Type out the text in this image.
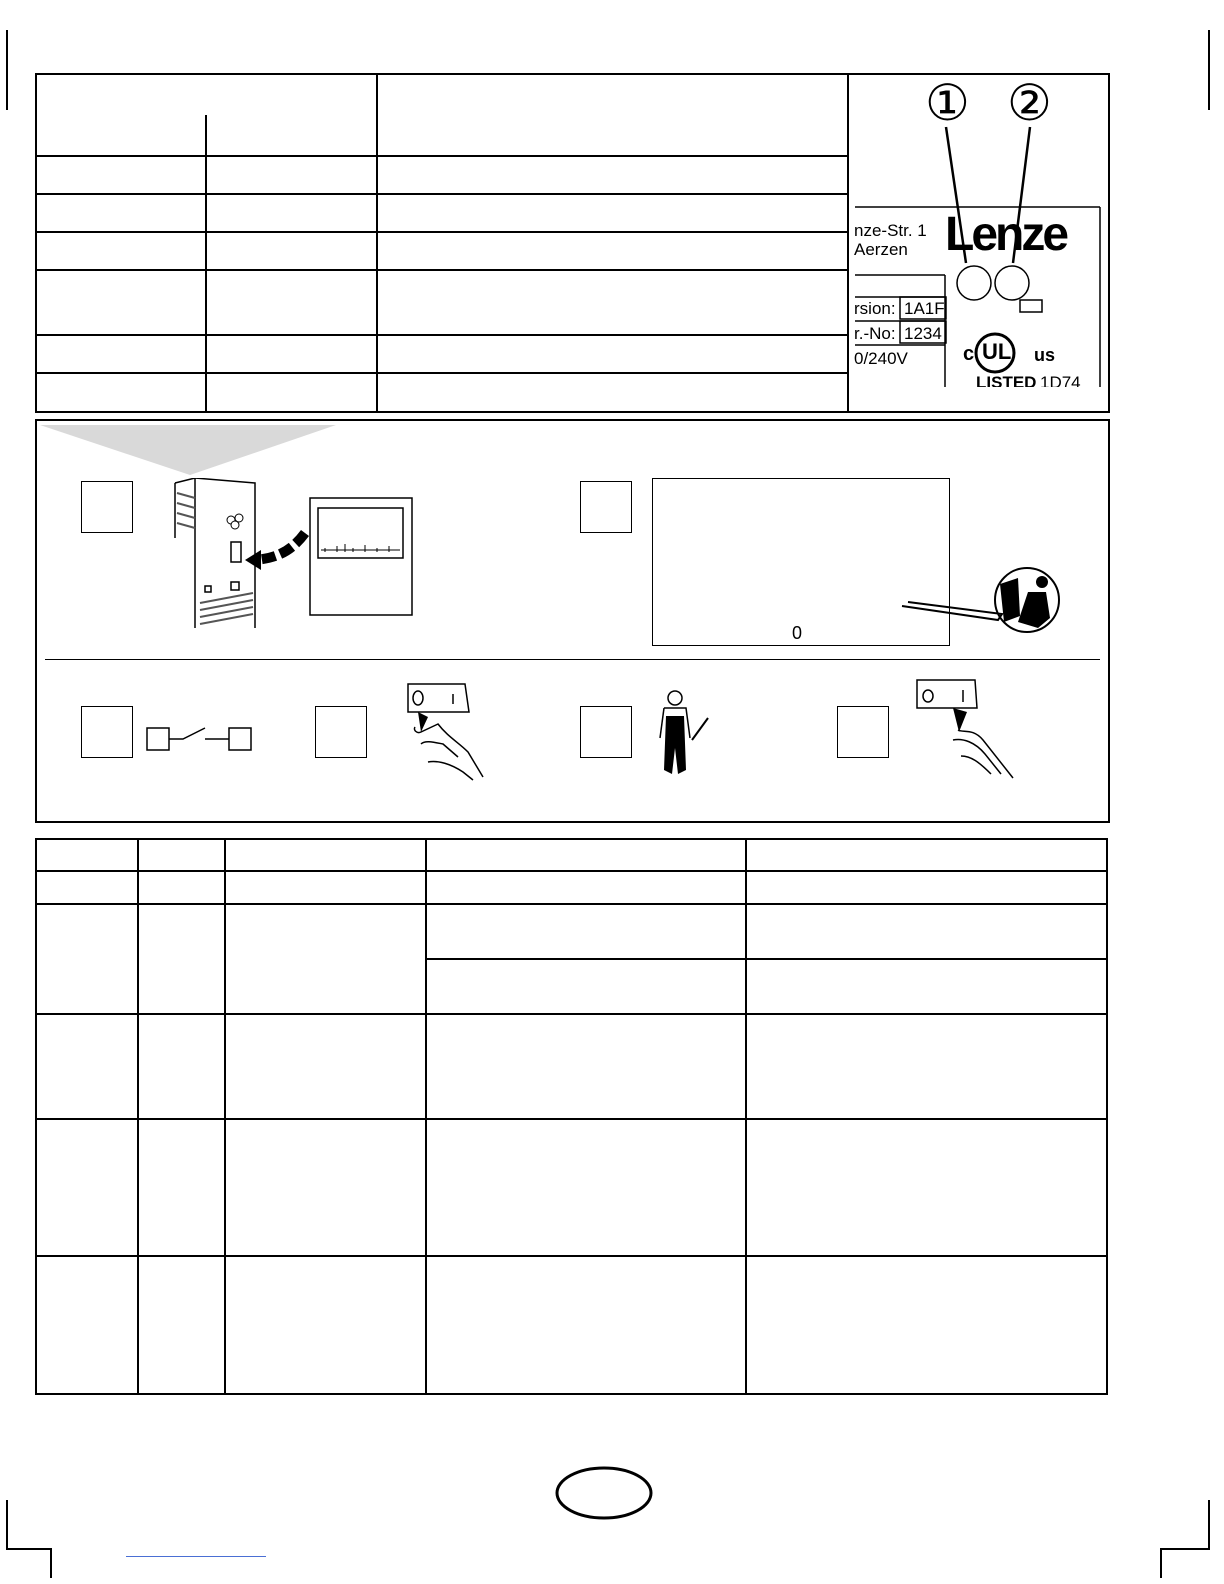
① ②
nze-Str. 1
Aerzen Lenze
rsion: 1A1F
r.-No: 1234
0/240V	c UL us
LISTED 1D74
0
